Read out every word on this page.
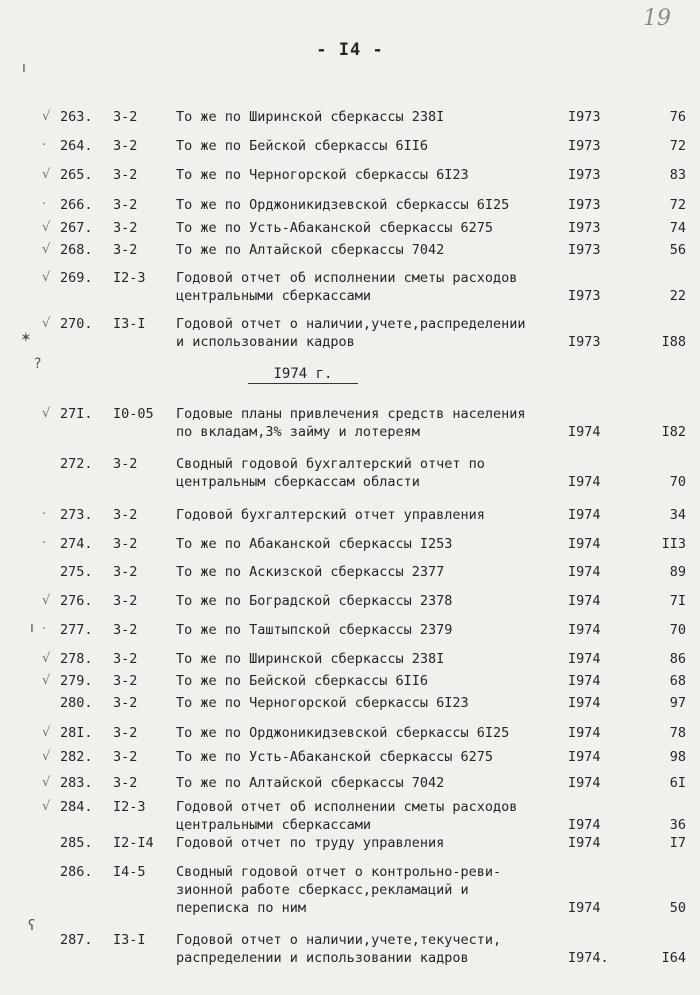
19
- I4 -
I974 г.
√ 263. 3-2	То же по Ширинской сберкассы 238I	I973	76
·	264. 3-2	То же по Бейской сберкассы 6II6	I973	72
√ 265. 3-2	То же по Черногорской сберкассы 6I23	I973	83
·	266. 3-2	То же по Орджоникидзевской сберкассы 6I25	I973	72
√ 267. 3-2	То же по Усть-Абаканской сберкассы 6275	I973	74
√ 268. 3-2	То же по Алтайской сберкассы 7042	I973	56
√ 269. I2-3 Годовой отчет об исполнении сметы расходов
центральными сберкассами	I973	22
√ 270. I3-I Годовой отчет о наличии,учете,распределении
и использовании кадров	I973	I88
√ 27I. I0-05 Годовые планы привлечения средств населения
по вкладам,3% займу и лотереям	I974	I82
272. 3-2	Сводный годовой бухгалтерский отчет по
центральным сберкассам области	I974	70
·	273. 3-2	Годовой бухгалтерский отчет управления	I974	34
·	274. 3-2	То же по Абаканской сберкассы I253	I974	II3
275. 3-2	То же по Аскизской сберкассы 2377	I974	89
√ 276. 3-2	То же по Боградской сберкассы 2378	I974	7I
·	277. 3-2	То же по Таштыпской сберкассы 2379	I974	70
√ 278. 3-2	То же по Ширинской сберкассы 238I	I974	86
√ 279. 3-2	То же по Бейской сберкассы 6II6	I974	68
280. 3-2	То же по Черногорской сберкассы 6I23	I974	97
√ 28I. 3-2	То же по Орджоникидзевской сберкассы 6I25	I974	78
√ 282. 3-2	То же по Усть-Абаканской сберкассы 6275	I974	98
√ 283. 3-2	То же по Алтайской сберкассы 7042	I974	6I
√ 284. I2-3 Годовой отчет об исполнении сметы расходов
центральными сберкассами	I974	36
285. I2-I4 Годовой отчет по труду управления	I974	I7
286. I4-5 Сводный годовой отчет о контрольно-реви-
зионной работе сберкасс,рекламаций и
переписка по ним	I974	50
287. I3-I Годовой отчет о наличии,учете,текучести,
распределении и использовании кадров	I974.	I64
ı
✶
?
ı
ʕ
